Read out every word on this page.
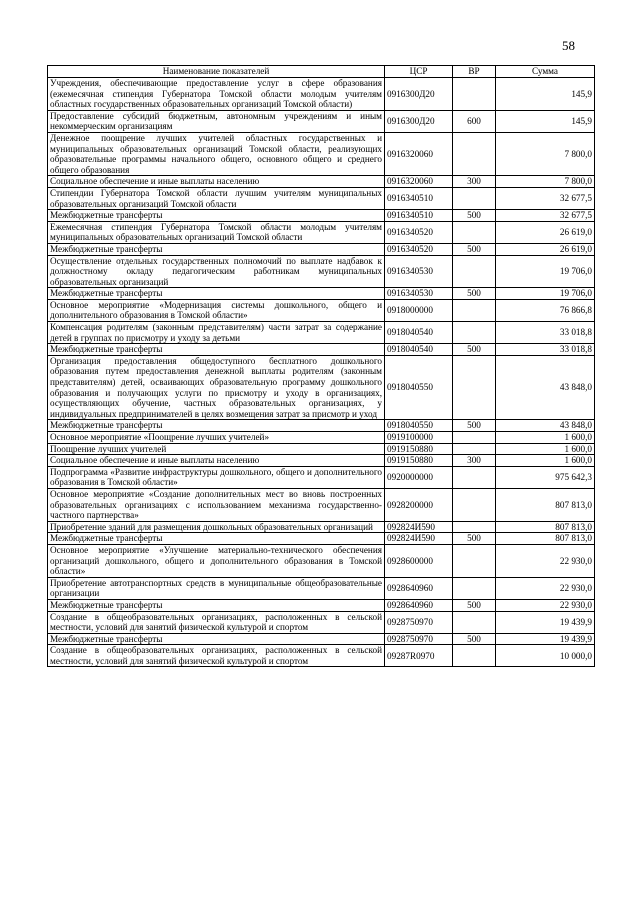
58
Наименование показателей	ЦСР	ВР	Сумма
Учреждения, обеспечивающие предоставление услуг в сфере образования (ежемесячная стипендия Губернатора Томской области молодым учителям областных государственных образовательных организаций Томской области)	0916300Д20		145,9
Предоставление субсидий бюджетным, автономным учреждениям и иным некоммерческим организациям	0916300Д20	600	145,9
Денежное поощрение лучших учителей областных государственных и муниципальных образовательных организаций Томской области, реализующих образовательные программы начального общего, основного общего и среднего общего образования	0916320060		7 800,0
Социальное обеспечение и иные выплаты населению	0916320060	300	7 800,0
Стипендии Губернатора Томской области лучшим учителям муниципальных образовательных организаций Томской области	0916340510		32 677,5
Межбюджетные трансферты	0916340510	500	32 677,5
Ежемесячная стипендия Губернатора Томской области молодым учителям муниципальных образовательных организаций Томской области	0916340520		26 619,0
Межбюджетные трансферты	0916340520	500	26 619,0
Осуществление отдельных государственных полномочий по выплате надбавок к должностному окладу педагогическим работникам муниципальных образовательных организаций	0916340530		19 706,0
Межбюджетные трансферты	0916340530	500	19 706,0
Основное мероприятие «Модернизация системы дошкольного, общего и дополнительного образования в Томской области»	0918000000		76 866,8
Компенсация родителям (законным представителям) части затрат за содержание детей в группах по присмотру и уходу за детьми	0918040540		33 018,8
Межбюджетные трансферты	0918040540	500	33 018,8
Организация предоставления общедоступного бесплатного дошкольного образования путем предоставления денежной выплаты родителям (законным представителям) детей, осваивающих образовательную программу дошкольного образования и получающих услуги по присмотру и уходу в организациях, осуществляющих обучение, частных образовательных организациях, у индивидуальных предпринимателей в целях возмещения затрат за присмотр и уход	0918040550		43 848,0
Межбюджетные трансферты	0918040550	500	43 848,0
Основное мероприятие «Поощрение лучших учителей»	0919100000		1 600,0
Поощрение лучших учителей	0919150880		1 600,0
Социальное обеспечение и иные выплаты населению	0919150880	300	1 600,0
Подпрограмма «Развитие инфраструктуры дошкольного, общего и дополнительного образования в Томской области»	0920000000		975 642,3
Основное мероприятие «Создание дополнительных мест во вновь построенных образовательных организациях с использованием механизма государственно-частного партнерства»	0928200000		807 813,0
Приобретение зданий для размещения дошкольных образовательных организаций	092824И590		807 813,0
Межбюджетные трансферты	092824И590	500	807 813,0
Основное мероприятие «Улучшение материально-технического обеспечения организаций дошкольного, общего и дополнительного образования в Томской области»	0928600000		22 930,0
Приобретение автотранспортных средств в муниципальные общеобразовательные организации	0928640960		22 930,0
Межбюджетные трансферты	0928640960	500	22 930,0
Создание в общеобразовательных организациях, расположенных в сельской местности, условий для занятий физической культурой и спортом	0928750970		19 439,9
Межбюджетные трансферты	0928750970	500	19 439,9
Создание в общеобразовательных организациях, расположенных в сельской местности, условий для занятий физической культурой и спортом	09287R0970		10 000,0
